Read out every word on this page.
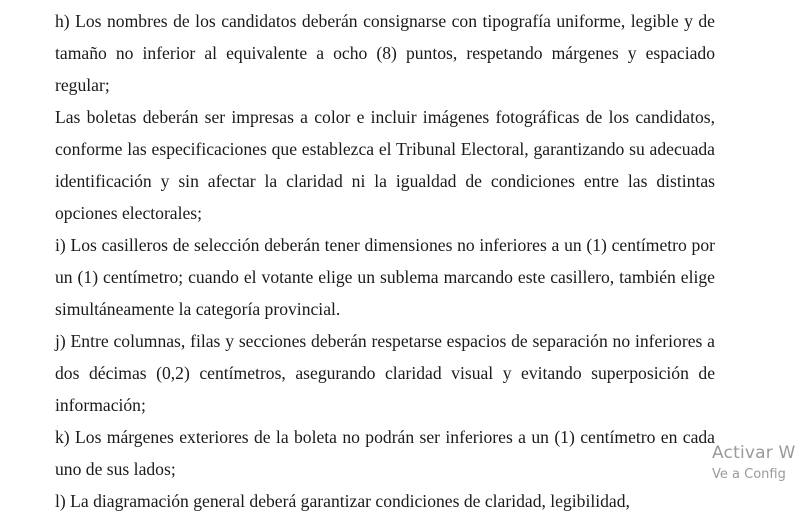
h) Los nombres de los candidatos deberán consignarse con tipografía uniforme, legible y de tamaño no inferior al equivalente a ocho (8) puntos, respetando márgenes y espaciado regular;

Las boletas deberán ser impresas a color e incluir imágenes fotográficas de los candidatos, conforme las especificaciones que establezca el Tribunal Electoral, garantizando su adecuada identificación y sin afectar la claridad ni la igualdad de condiciones entre las distintas opciones electorales;

i) Los casilleros de selección deberán tener dimensiones no inferiores a un (1) centímetro por un (1) centímetro; cuando el votante elige un sublema marcando este casillero, también elige simultáneamente la categoría provincial.

j) Entre columnas, filas y secciones deberán respetarse espacios de separación no inferiores a dos décimas (0,2) centímetros, asegurando claridad visual y evitando superposición de información;

k) Los márgenes exteriores de la boleta no podrán ser inferiores a un (1) centímetro en cada uno de sus lados;

l) La diagramación general deberá garantizar condiciones de claridad, legibilidad,

Activar W
Ve a Config
